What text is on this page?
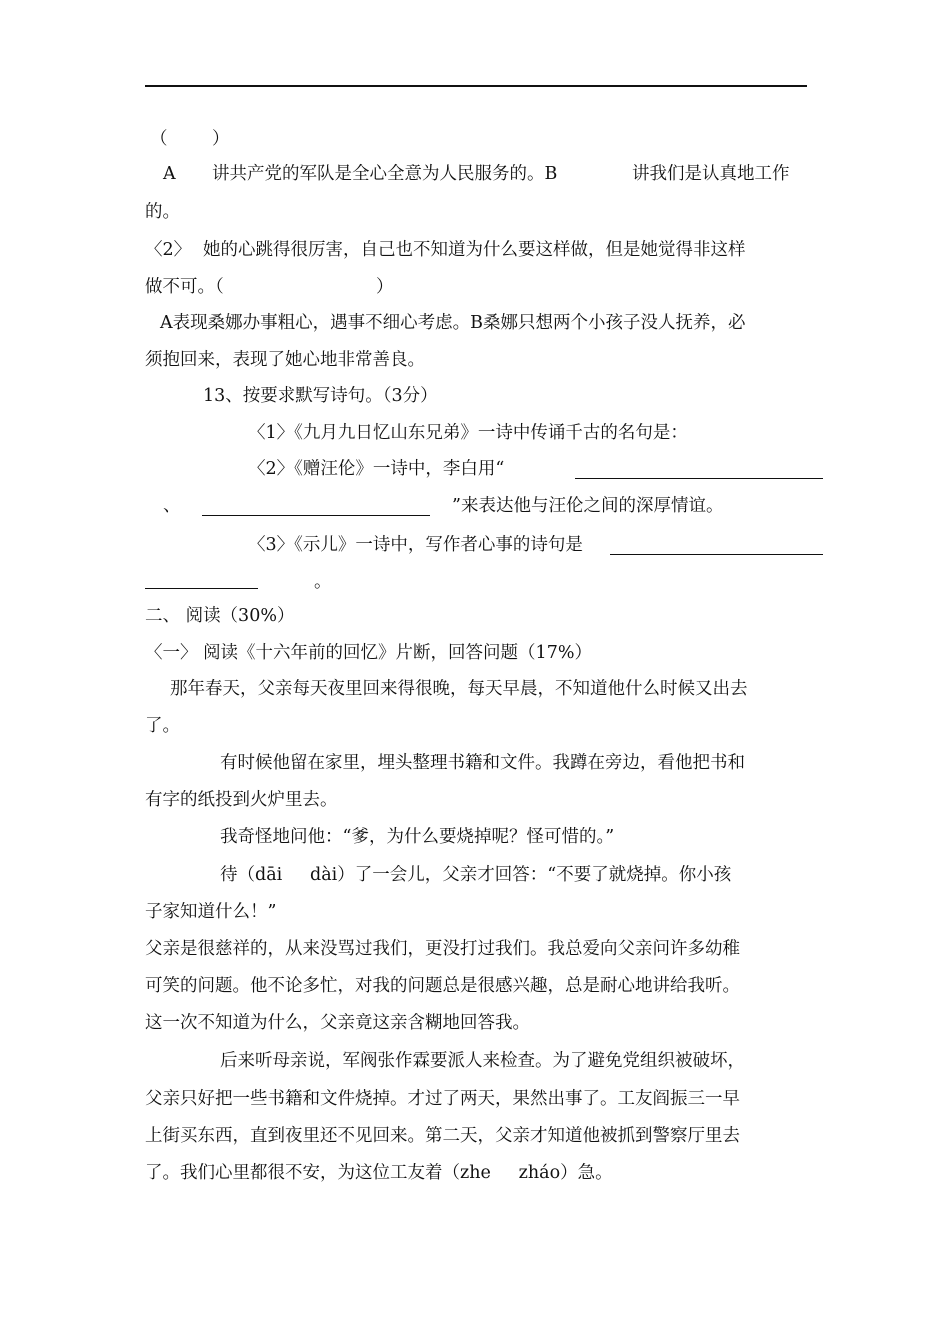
（        ）
A 讲共产党的军队是全心全意为人民服务的。B	讲我们是认真地工作
的。
〈2〉 她的心跳得很厉害，自己也不知道为什么要这样做，但是她觉得非这样
做不可。（	）
A表现桑娜办事粗心，遇事不细心考虑。B桑娜只想两个小孩子没人抚养，必
须抱回来，表现了她心地非常善良。
13、按要求默写诗句。（3分）
〈1〉《九月九日忆山东兄弟》一诗中传诵千古的名句是：
〈2〉《赠汪伦》一诗中，李白用“
、	”来表达他与汪伦之间的深厚情谊。
〈3〉《示儿》一诗中，写作者心事的诗句是
。
二、 阅读（30%）
〈一〉 阅读《十六年前的回忆》片断，回答问题（17%）
那年春天，父亲每天夜里回来得很晚，每天早晨，不知道他什么时候又出去
了。
有时候他留在家里，埋头整理书籍和文件。我蹲在旁边，看他把书和
有字的纸投到火炉里去。
我奇怪地问他：“爹，为什么要烧掉呢？怪可惜的。”
待（dāi     dài）了一会儿，父亲才回答：“不要了就烧掉。你小孩
子家知道什么！”
父亲是很慈祥的，从来没骂过我们，更没打过我们。我总爱向父亲问许多幼稚
可笑的问题。他不论多忙，对我的问题总是很感兴趣，总是耐心地讲给我听。
这一次不知道为什么，父亲竟这亲含糊地回答我。
后来听母亲说，军阀张作霖要派人来检查。为了避免党组织被破坏，
父亲只好把一些书籍和文件烧掉。才过了两天，果然出事了。工友阎振三一早
上街买东西，直到夜里还不见回来。第二天，父亲才知道他被抓到警察厅里去
了。我们心里都很不安，为这位工友着（zhe     zháo）急。
